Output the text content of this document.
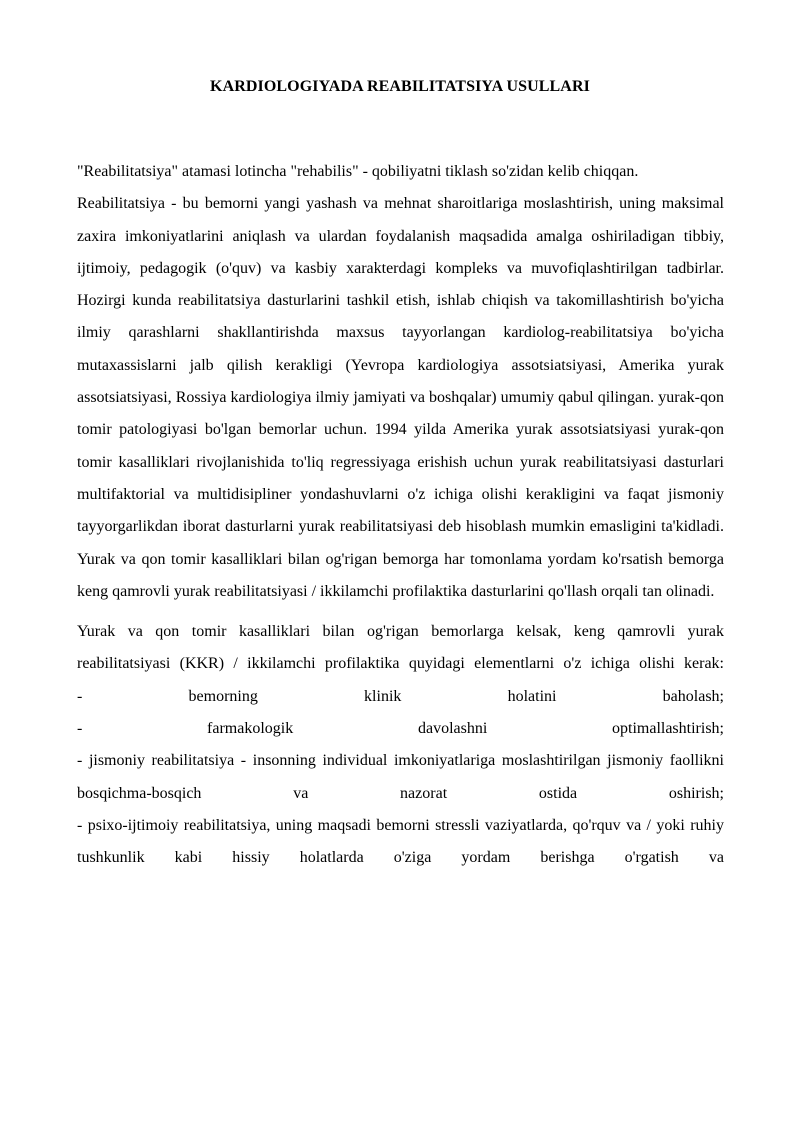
KARDIOLOGIYADA REABILITATSIYA USULLARI

"Reabilitatsiya" atamasi lotincha "rehabilis" - qobiliyatni tiklash so'zidan kelib chiqqan.

Reabilitatsiya - bu bemorni yangi yashash va mehnat sharoitlariga moslashtirish, uning maksimal zaxira imkoniyatlarini aniqlash va ulardan foydalanish maqsadida amalga oshiriladigan tibbiy, ijtimoiy, pedagogik (o'quv) va kasbiy xarakterdagi kompleks va muvofiqlashtirilgan tadbirlar.

Hozirgi kunda reabilitatsiya dasturlarini tashkil etish, ishlab chiqish va takomillashtirish bo'yicha ilmiy qarashlarni shakllantirishda maxsus tayyorlangan kardiolog-reabilitatsiya bo'yicha mutaxassislarni jalb qilish kerakligi (Yevropa kardiologiya assotsiatsiyasi, Amerika yurak assotsiatsiyasi, Rossiya kardiologiya ilmiy jamiyati va boshqalar) umumiy qabul qilingan. yurak-qon tomir patologiyasi bo'lgan bemorlar uchun. 1994 yilda Amerika yurak assotsiatsiyasi yurak-qon tomir kasalliklari rivojlanishida to'liq regressiyaga erishish uchun yurak reabilitatsiyasi dasturlari multifaktorial va multidisipliner yondashuvlarni o'z ichiga olishi kerakligini va faqat jismoniy tayyorgarlikdan iborat dasturlarni yurak reabilitatsiyasi deb hisoblash mumkin emasligini ta'kidladi. Yurak va qon tomir kasalliklari bilan og'rigan bemorga har tomonlama yordam ko'rsatish bemorga keng qamrovli yurak reabilitatsiyasi / ikkilamchi profilaktika dasturlarini qo'llash orqali tan olinadi.

Yurak va qon tomir kasalliklari bilan og'rigan bemorlarga kelsak, keng qamrovli yurak reabilitatsiyasi (KKR) / ikkilamchi profilaktika quyidagi elementlarni o'z ichiga olishi kerak:

- bemorning klinik holatini baholash;

- farmakologik davolashni optimallashtirish;

- jismoniy reabilitatsiya - insonning individual imkoniyatlariga moslashtirilgan jismoniy faollikni bosqichma-bosqich va nazorat ostida oshirish;

- psixo-ijtimoiy reabilitatsiya, uning maqsadi bemorni stressli vaziyatlarda, qo'rquv va / yoki ruhiy tushkunlik kabi hissiy holatlarda o'ziga yordam berishga o'rgatish va
